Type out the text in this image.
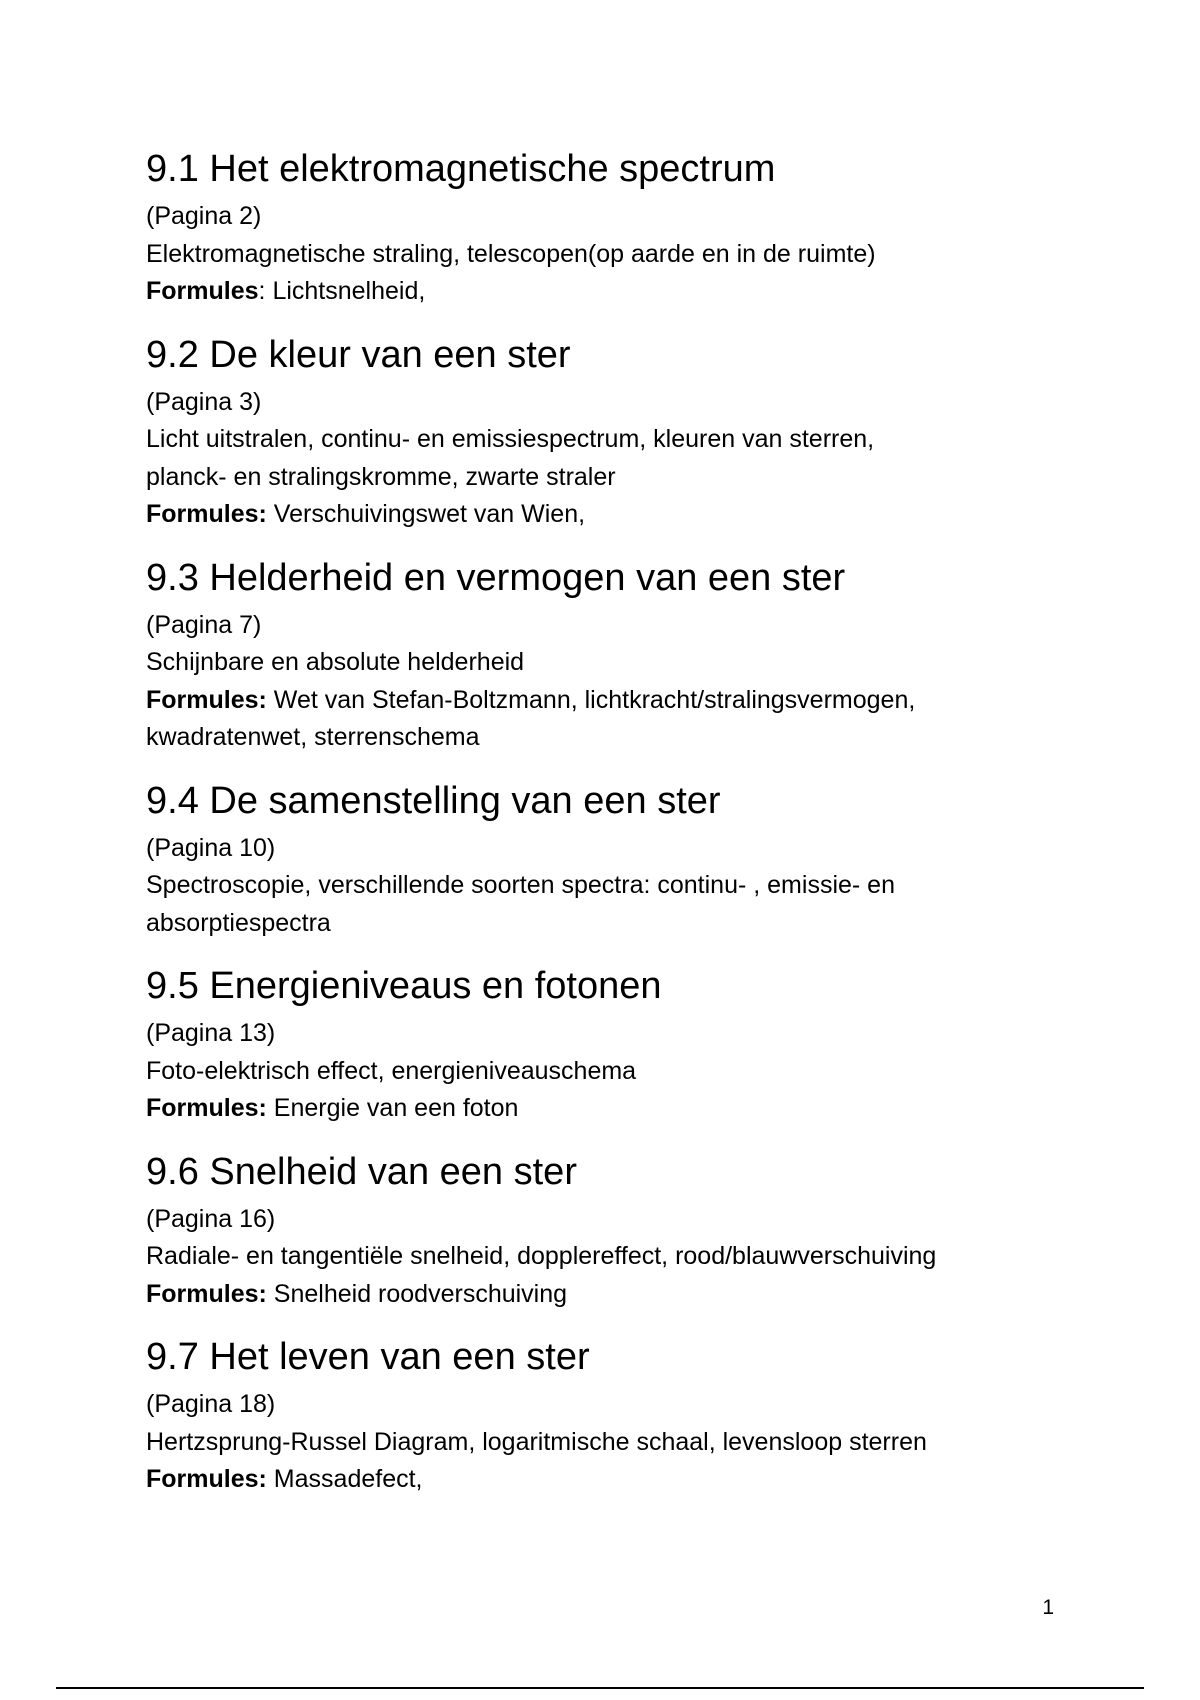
9.1 Het elektromagnetische spectrum

(Pagina 2)

Elektromagnetische straling, telescopen(op aarde en in de ruimte)

Formules: Lichtsnelheid,

9.2 De kleur van een ster

(Pagina 3)

Licht uitstralen, continu- en emissiespectrum, kleuren van sterren, planck- en stralingskromme, zwarte straler

Formules: Verschuivingswet van Wien,

9.3 Helderheid en vermogen van een ster

(Pagina 7)

Schijnbare en absolute helderheid

Formules: Wet van Stefan-Boltzmann, lichtkracht/stralingsvermogen, kwadratenwet, sterrenschema

9.4 De samenstelling van een ster

(Pagina 10)

Spectroscopie, verschillende soorten spectra: continu- , emissie- en absorptiespectra

9.5 Energieniveaus en fotonen

(Pagina 13)

Foto-elektrisch effect, energieniveauschema

Formules: Energie van een foton

9.6 Snelheid van een ster

(Pagina 16)

Radiale- en tangentiële snelheid, dopplereffect, rood/blauwverschuiving

Formules: Snelheid roodverschuiving

9.7 Het leven van een ster

(Pagina 18)

Hertzsprung-Russel Diagram, logaritmische schaal, levensloop sterren

Formules: Massadefect,

1
